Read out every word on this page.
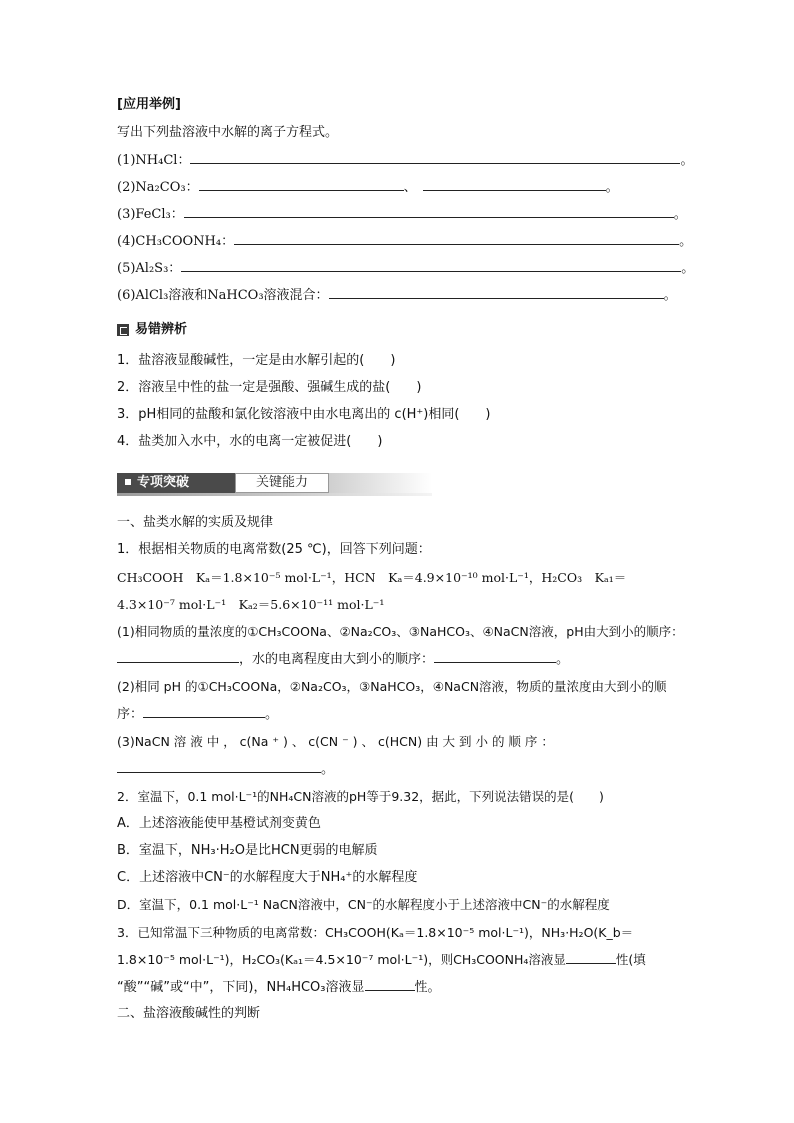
[应用举例]
写出下列盐溶液中水解的离子方程式。
(1)NH₄Cl：	。
(2)Na₂CO₃：	、	。
(3)FeCl₃：	。
(4)CH₃COONH₄：	。
(5)Al₂S₃：	。
(6)AlCl₃溶液和NaHCO₃溶液混合：	。
易错辨析
1．盐溶液显酸碱性，一定是由水解引起的(　　)
2．溶液呈中性的盐一定是强酸、强碱生成的盐(　　)
3．pH相同的盐酸和氯化铵溶液中由水电离出的 c(H⁺)相同(　　)
4．盐类加入水中，水的电离一定被促进(　　)
专项突破	关键能力
一、盐类水解的实质及规律
1．根据相关物质的电离常数(25 ℃)，回答下列问题：
CH₃COOH　Kₐ＝1.8×10⁻⁵ mol·L⁻¹，HCN　Kₐ＝4.9×10⁻¹⁰ mol·L⁻¹，H₂CO₃　Kₐ₁＝
4.3×10⁻⁷ mol·L⁻¹　Kₐ₂＝5.6×10⁻¹¹ mol·L⁻¹
(1)相同物质的量浓度的①CH₃COONa、②Na₂CO₃、③NaHCO₃、④NaCN溶液，pH由大到小的顺序：
，水的电离程度由大到小的顺序：	。
(2)相同 pH 的①CH₃COONa，②Na₂CO₃，③NaHCO₃，④NaCN溶液，物质的量浓度由大到小的顺
序：	。
(3)NaCN 溶 液 中 ， c(Na ⁺ ) 、 c(CN ⁻ ) 、 c(HCN) 由 大 到 小 的 顺 序 ：
。
2．室温下，0.1 mol·L⁻¹的NH₄CN溶液的pH等于9.32，据此，下列说法错误的是(　　)
A．上述溶液能使甲基橙试剂变黄色
B．室温下，NH₃·H₂O是比HCN更弱的电解质
C．上述溶液中CN⁻的水解程度大于NH₄⁺的水解程度
D．室温下，0.1 mol·L⁻¹ NaCN溶液中，CN⁻的水解程度小于上述溶液中CN⁻的水解程度
3．已知常温下三种物质的电离常数：CH₃COOH(Kₐ＝1.8×10⁻⁵ mol·L⁻¹)，NH₃·H₂O(K_b＝
1.8×10⁻⁵ mol·L⁻¹)，H₂CO₃(Kₐ₁＝4.5×10⁻⁷ mol·L⁻¹)，则CH₃COONH₄溶液显	性(填
“酸”“碱”或“中”，下同)，NH₄HCO₃溶液显	性。
二、盐溶液酸碱性的判断
